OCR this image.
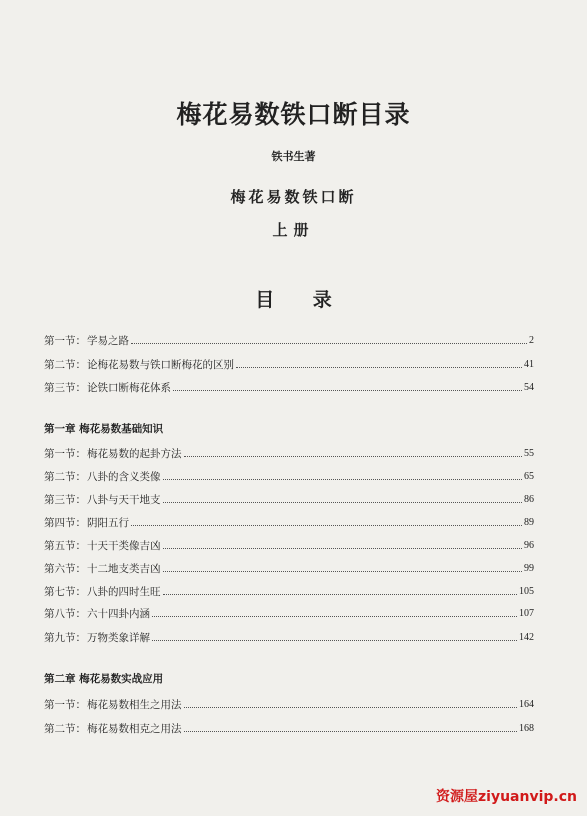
梅花易数铁口断目录
铁书生著
梅花易数铁口断
上册
目 录
第一节：学易之路	2
第二节：论梅花易数与铁口断梅花的区别	41
第三节：论铁口断梅花体系	54
第一章 梅花易数基础知识
第一节：梅花易数的起卦方法	55
第二节：八卦的含义类像	65
第三节：八卦与天干地支	86
第四节：阴阳五行	89
第五节：十天干类像吉凶	96
第六节：十二地支类吉凶	99
第七节：八卦的四时生旺	105
第八节：六十四卦内涵	107
第九节：万物类象详解	142
第二章 梅花易数实战应用
第一节：梅花易数相生之用法	164
第二节：梅花易数相克之用法	168
资源屋ziyuanvip.cn
